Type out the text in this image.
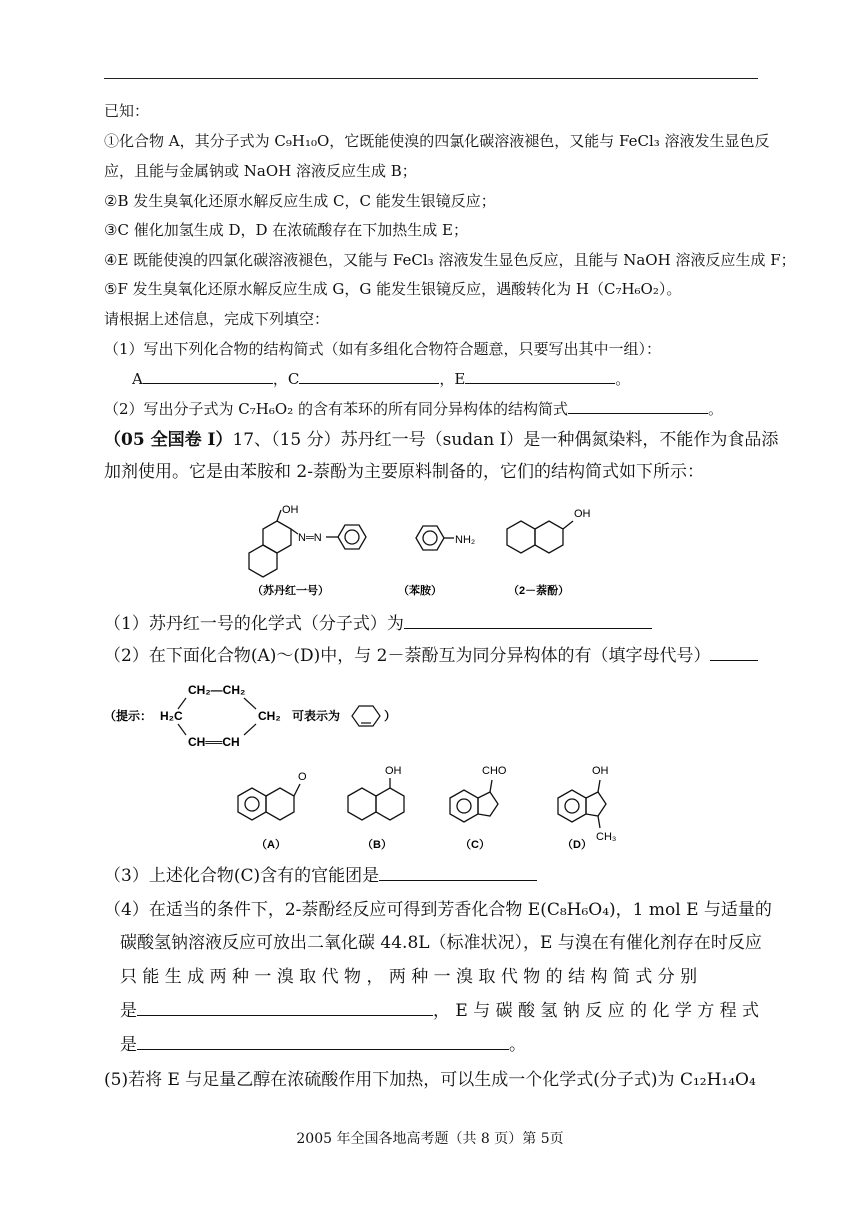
已知：
①化合物 A，其分子式为 C₉H₁₀O，它既能使溴的四氯化碳溶液褪色，又能与 FeCl₃ 溶液发生显色反
应，且能与金属钠或 NaOH 溶液反应生成 B；
②B 发生臭氧化还原水解反应生成 C，C 能发生银镜反应；
③C 催化加氢生成 D，D 在浓硫酸存在下加热生成 E；
④E 既能使溴的四氯化碳溶液褪色，又能与 FeCl₃ 溶液发生显色反应，且能与 NaOH 溶液反应生成 F；
⑤F 发生臭氧化还原水解反应生成 G，G 能发生银镜反应，遇酸转化为 H（C₇H₆O₂）。
请根据上述信息，完成下列填空：
（1）写出下列化合物的结构简式（如有多组化合物符合题意，只要写出其中一组）：
A	，C	，E	。
（2）写出分子式为 C₇H₆O₂ 的含有苯环的所有同分异构体的结构简式	。
（05 全国卷 I）17、（15 分）苏丹红一号（sudan Ⅰ）是一种偶氮染料，不能作为食品添
加剂使用。它是由苯胺和 2-萘酚为主要原料制备的，它们的结构简式如下所示：
OH
N═N	NH₂
OH
（苏丹红一号）	（苯胺）	（2－萘酚）
（1）苏丹红一号的化学式（分子式）为
（2）在下面化合物(A)～(D)中，与 2－萘酚互为同分异构体的有（填字母代号）
（提示：
CH₂—CH₂
H₂C	CH₂
CH══CH
可表示为	）
O	OH	CHO	OH
CH₃
（A）	（B）	（C）	（D）
（3）上述化合物(C)含有的官能团是
（4）在适当的条件下，2-萘酚经反应可得到芳香化合物 E(C₈H₆O₄)，1 mol E 与适量的
碳酸氢钠溶液反应可放出二氧化碳 44.8L（标准状况），E 与溴在有催化剂存在时反应
只 能 生 成 两 种 一 溴 取 代 物 ， 两 种 一 溴 取 代 物 的 结 构 简 式 分 别
是	， E 与 碳 酸 氢 钠 反 应 的 化 学 方 程 式
是	。
(5)若将 E 与足量乙醇在浓硫酸作用下加热，可以生成一个化学式(分子式)为 C₁₂H₁₄O₄
2005 年全国各地高考题（共 8 页）第 5页
